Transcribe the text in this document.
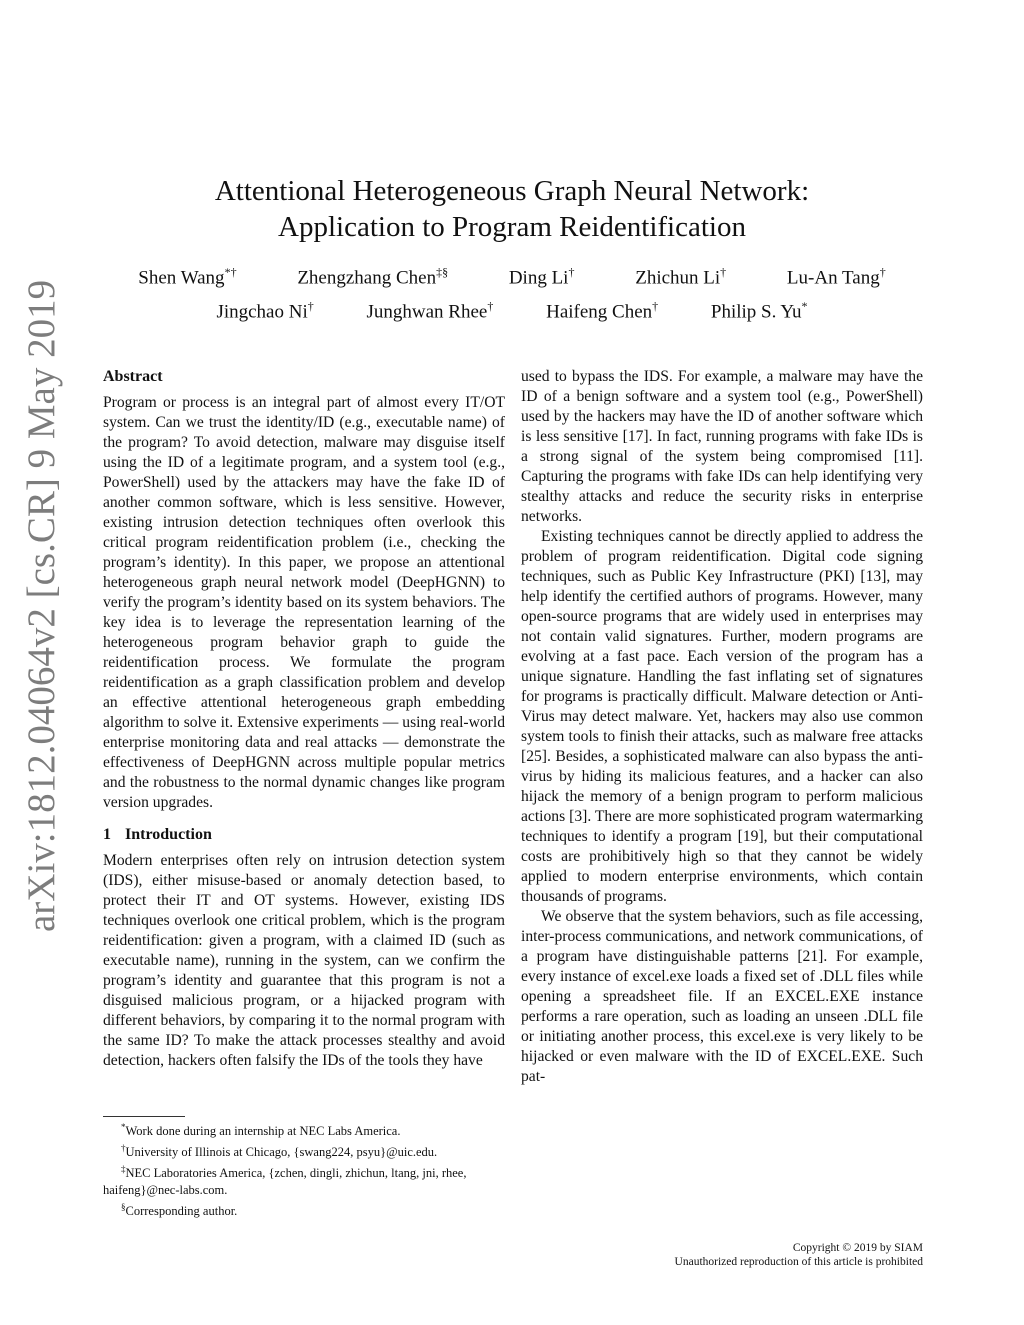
arXiv:1812.04064v2 [cs.CR] 9 May 2019
Attentional Heterogeneous Graph Neural Network:
Application to Program Reidentification
Shen Wang*†	Zhengzhang Chen‡§	Ding Li†	Zhichun Li†	Lu-An Tang†
Jingchao Ni†	Junghwan Rhee†	Haifeng Chen†	Philip S. Yu*
Abstract

Program or process is an integral part of almost every IT/OT system. Can we trust the identity/ID (e.g., executable name) of the program? To avoid detection, malware may disguise itself using the ID of a legitimate program, and a system tool (e.g., PowerShell) used by the attackers may have the fake ID of another common software, which is less sensitive. However, existing intrusion detection techniques often overlook this critical program reidentification problem (i.e., checking the program’s identity). In this paper, we propose an attentional heterogeneous graph neural network model (DeepHGNN) to verify the program’s identity based on its system behaviors. The key idea is to leverage the representation learning of the heterogeneous program behavior graph to guide the reidentification process. We formulate the program reidentification as a graph classification problem and develop an effective attentional heterogeneous graph embedding algorithm to solve it. Extensive experiments — using real-world enterprise monitoring data and real attacks — demonstrate the effectiveness of DeepHGNN across multiple popular metrics and the robustness to the normal dynamic changes like program version upgrades.

1 Introduction

Modern enterprises often rely on intrusion detection system (IDS), either misuse-based or anomaly detection based, to protect their IT and OT systems. However, existing IDS techniques overlook one critical problem, which is the program reidentification: given a program, with a claimed ID (such as executable name), running in the system, can we confirm the program’s identity and guarantee that this program is not a disguised malicious program, or a hijacked program with different behaviors, by comparing it to the normal program with the same ID? To make the attack processes stealthy and avoid detection, hackers often falsify the IDs of the tools they have

used to bypass the IDS. For example, a malware may have the ID of a benign software and a system tool (e.g., PowerShell) used by the hackers may have the ID of another software which is less sensitive [17]. In fact, running programs with fake IDs is a strong signal of the system being compromised [11]. Capturing the programs with fake IDs can help identifying very stealthy attacks and reduce the security risks in enterprise networks.

Existing techniques cannot be directly applied to address the problem of program reidentification. Digital code signing techniques, such as Public Key Infrastructure (PKI) [13], may help identify the certified authors of programs. However, many open-source programs that are widely used in enterprises may not contain valid signatures. Further, modern programs are evolving at a fast pace. Each version of the program has a unique signature. Handling the fast inflating set of signatures for programs is practically difficult. Malware detection or Anti-Virus may detect malware. Yet, hackers may also use common system tools to finish their attacks, such as malware free attacks [25]. Besides, a sophisticated malware can also bypass the anti-virus by hiding its malicious features, and a hacker can also hijack the memory of a benign program to perform malicious actions [3]. There are more sophisticated program watermarking techniques to identify a program [19], but their computational costs are prohibitively high so that they cannot be widely applied to modern enterprise environments, which contain thousands of programs.

We observe that the system behaviors, such as file accessing, inter-process communications, and network communications, of a program have distinguishable patterns [21]. For example, every instance of excel.exe loads a fixed set of .DLL files while opening a spreadsheet file. If an EXCEL.EXE instance performs a rare operation, such as loading an unseen .DLL file or initiating another process, this excel.exe is very likely to be hijacked or even malware with the ID of EXCEL.EXE. Such pat-

*Work done during an internship at NEC Labs America.

†University of Illinois at Chicago, {swang224, psyu}@uic.edu.

‡NEC Laboratories America, {zchen, dingli, zhichun, ltang, jni, rhee, haifeng}@nec-labs.com.

§Corresponding author.

Copyright © 2019 by SIAM
Unauthorized reproduction of this article is prohibited
